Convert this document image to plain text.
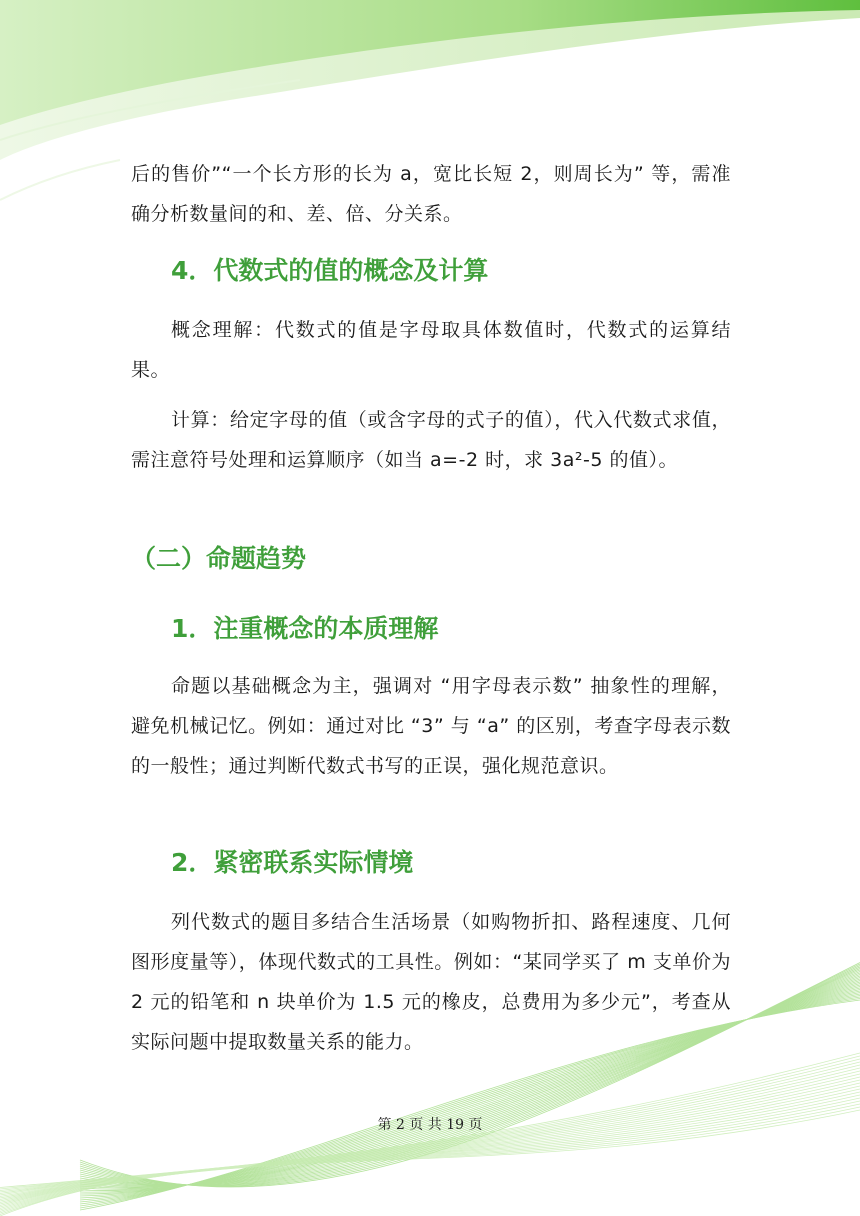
后的售价”“一个长方形的长为 a，宽比长短 2，则周长为” 等，需准确分析数量间的和、差、倍、分关系。

4．代数式的值的概念及计算

概念理解：代数式的值是字母取具体数值时，代数式的运算结果。

计算：给定字母的值（或含字母的式子的值），代入代数式求值，需注意符号处理和运算顺序（如当 a=-2 时，求 3a²-5 的值）。

（二）命题趋势
1．注重概念的本质理解

命题以基础概念为主，强调对 “用字母表示数” 抽象性的理解，避免机械记忆。例如：通过对比 “3” 与 “a” 的区别，考查字母表示数的一般性；通过判断代数式书写的正误，强化规范意识。

2．紧密联系实际情境

列代数式的题目多结合生活场景（如购物折扣、路程速度、几何图形度量等），体现代数式的工具性。例如：“某同学买了 m 支单价为 2 元的铅笔和 n 块单价为 1.5 元的橡皮，总费用为多少元”，考查从实际问题中提取数量关系的能力。

第 2 页 共 19 页
